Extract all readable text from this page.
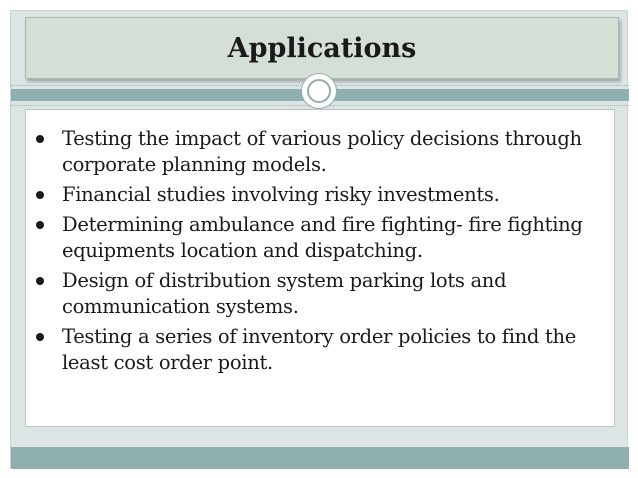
Applications
Testing the impact of various policy decisions through corporate planning models.
Financial studies involving risky investments.
Determining ambulance and fire fighting- fire fighting equipments location and dispatching.
Design of distribution system parking lots and communication systems.
Testing a series of inventory order policies to find the least cost order point.
